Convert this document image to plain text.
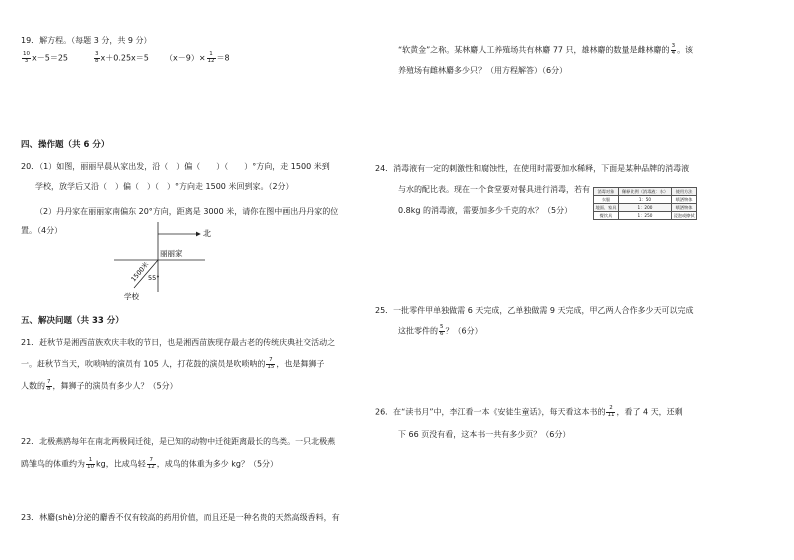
19．解方程。（每题 3 分，共 9 分）
$\frac{10}{3} x-5=25$	$\frac{3}{8} x+0.25x=5$ $(x-9)\times \frac{1}{12} =8$
四、操作题（共 6 分）
20．（1）如图，丽丽早晨从家出发，沿（　）偏（　　）（　　）°方向，走 1500 米到
学校，放学后又沿（　）偏（　）（　）°方向走 1500 米回到家。（2分）
（2）丹丹家在丽丽家南偏东 20°方向，距离是 3000 米，请你在图中画出丹丹家的位
置。（4分）	北
丽丽家
学校
55°
1500米
五、解决问题（共 33 分）
21．赶秋节是湘西苗族欢庆丰收的节日，也是湘西苗族现存最古老的传统庆典社交活动之
一。赶秋节当天，吹唢呐的演员有 105 人，打花鼓的演员是吹唢呐的 $\frac{7}{15}$ ，也是舞狮子
人数的 $\frac{7}{8}$ ，舞狮子的演员有多少人？（5分）
22．北极燕鸥每年在南北两极间迁徙，是已知的动物中迁徙距离最长的鸟类。一只北极燕
鸥雏鸟的体重约为 $\frac{1}{10}$ kg，比成鸟轻 $\frac{7}{12}$ ，成鸟的体重为多少 kg？（5分）
23．林麝(shè)分泌的麝香不仅有较高的药用价值，而且还是一种名贵的天然高级香料，有
“软黄金”之称。某林麝人工养殖场共有林麝 77 只，雄林麝的数量是雌林麝的 $\frac{3}{4}$ 。该
养殖场有雌林麝多少只？（用方程解答）（6分）
24．消毒液有一定的刺激性和腐蚀性，在使用时需要加水稀释，下面是某种品牌的消毒液
与水的配比表。现在一个食堂要对餐具进行消毒，若有
0.8kg 的消毒液，需要加多少千克的水？（5分）
消毒对象	稀释比例（消毒液：水）	使用方法
衣服	1：50	喷洒物体
地面、家具	1：200	喷洒物体
餐饮具	1：250	浸泡或擦拭
25．一批零件甲单独做需 6 天完成，乙单独做需 9 天完成，甲乙两人合作多少天可以完成
这批零件的 $\frac{5}{6}$ ？（6分）
26．在“读书月”中，李江看一本《安徒生童话》，每天看这本书的 $\frac{2}{11}$ ，看了 4 天，还剩
下 66 页没有看，这本书一共有多少页？（6分）
